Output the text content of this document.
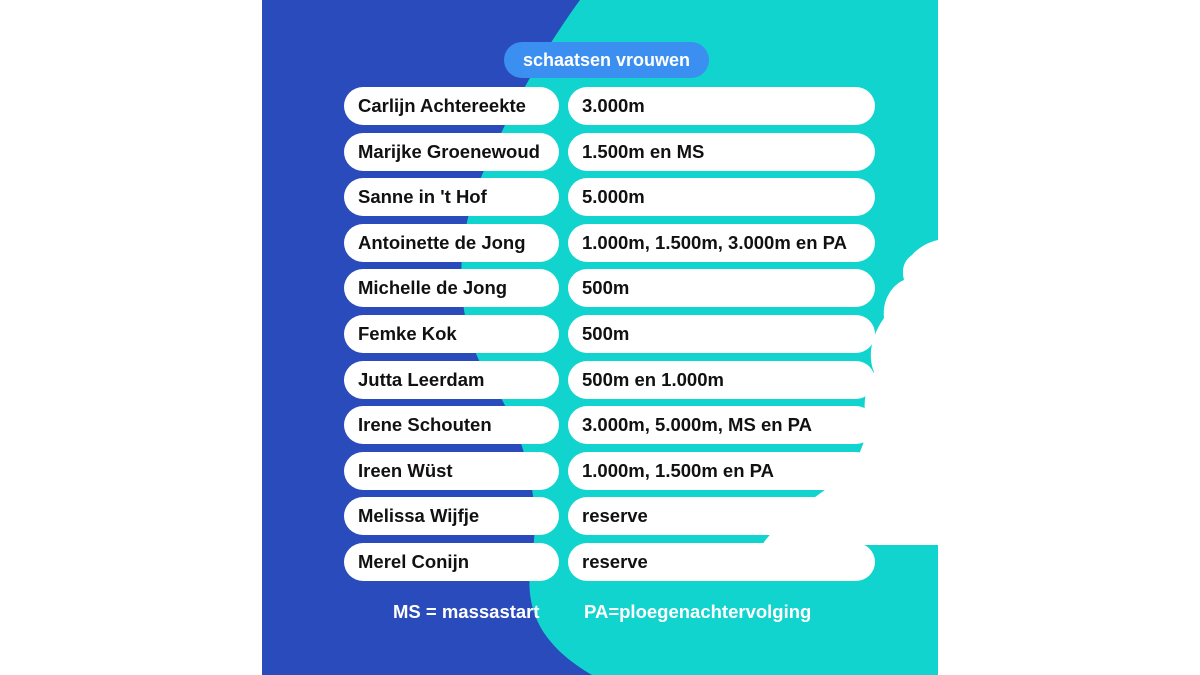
schaatsen vrouwen
Carlijn Achtereekte	3.000m
Marijke Groenewoud	1.500m en MS
Sanne in 't Hof	5.000m
Antoinette de Jong	1.000m, 1.500m, 3.000m en PA
Michelle de Jong	500m
Femke Kok	500m
Jutta Leerdam	500m en 1.000m
Irene Schouten	3.000m, 5.000m, MS en PA
Ireen Wüst	1.000m, 1.500m en PA
Melissa Wijfje	reserve
Merel Conijn	reserve
MS = massastart PA=ploegenachtervolging
